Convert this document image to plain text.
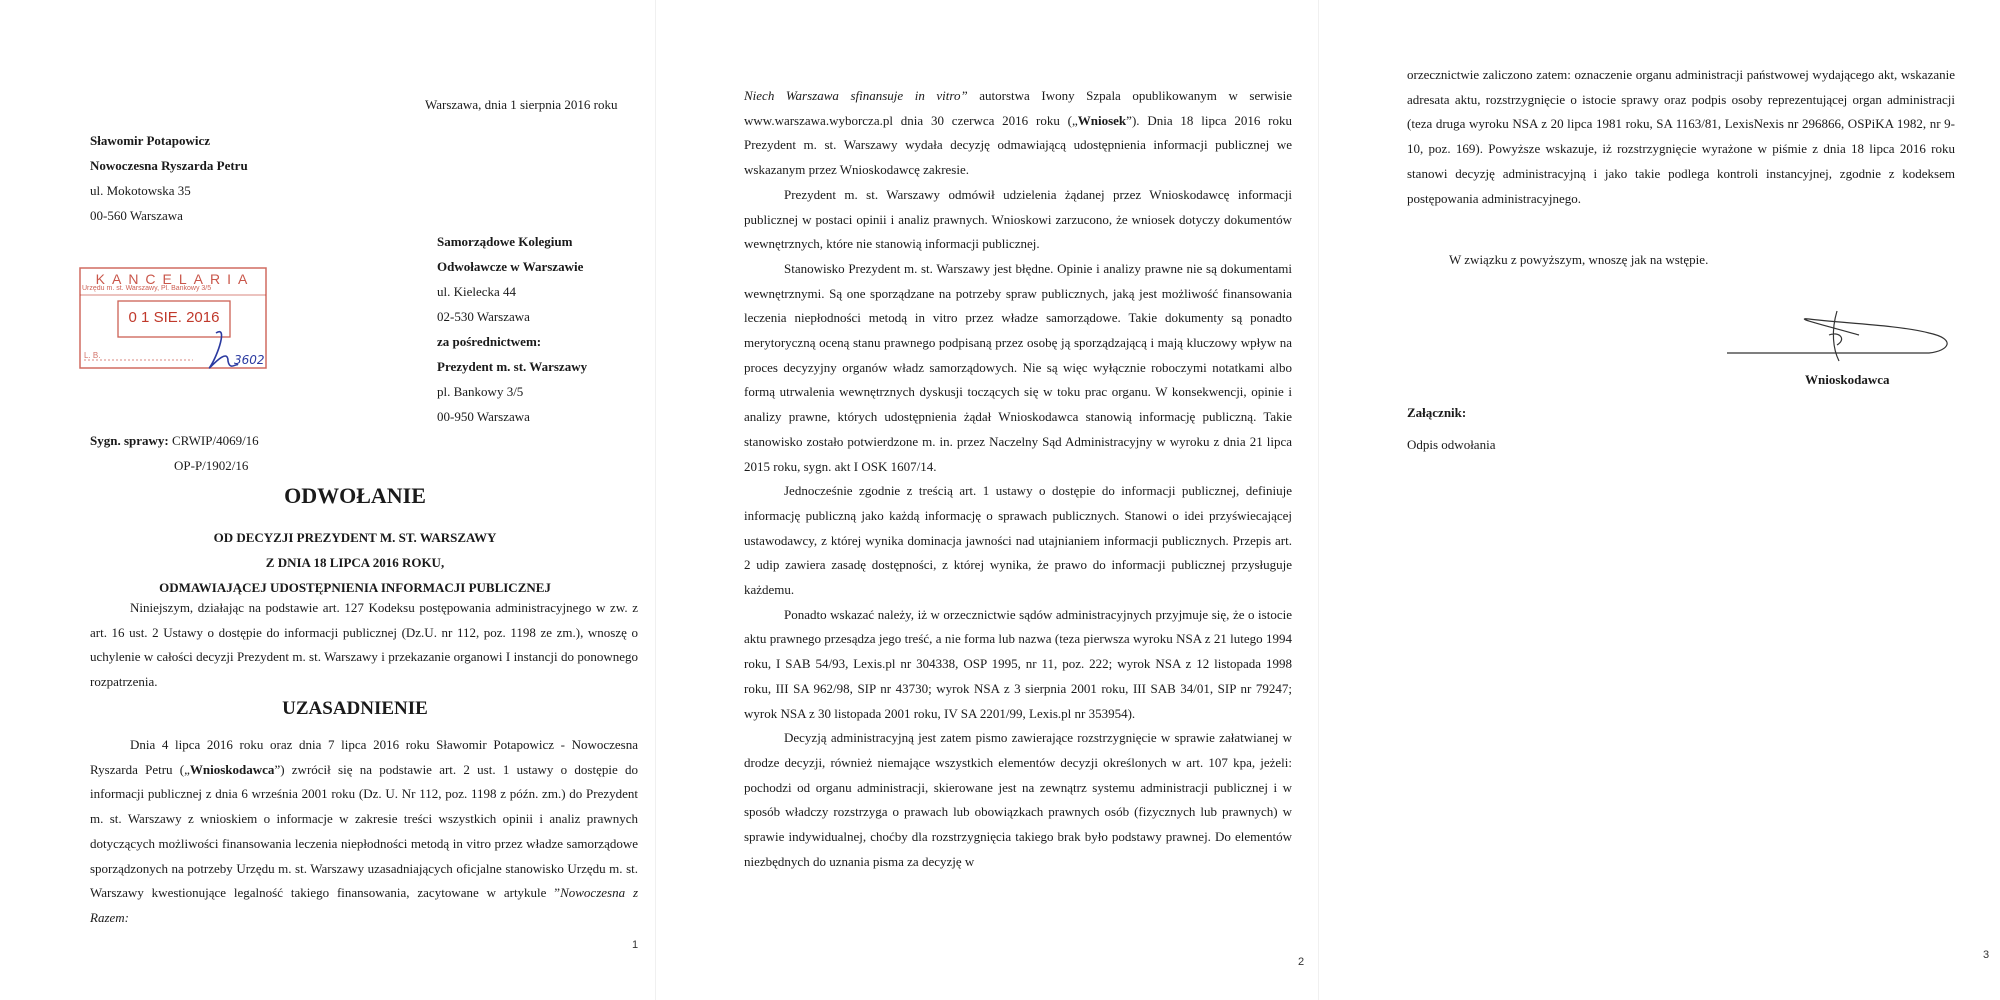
Warszawa, dnia 1 sierpnia 2016 roku
Sławomir Potapowicz
Nowoczesna Ryszarda Petru
ul. Mokotowska 35
00-560 Warszawa
Samorządowe Kolegium
Odwoławcze w Warszawie
ul. Kielecka 44
02-530 Warszawa
za pośrednictwem:
Prezydent m. st. Warszawy
pl. Bankowy 3/5
00-950 Warszawa
KANCELARIA
Urzędu m. st. Warszawy, Pl. Bankowy 3/5
0 1 SIE. 2016
L. B.	3602
Sygn. sprawy: CRWIP/4069/16
OP-P/1902/16
ODWOŁANIE
OD DECYZJI PREZYDENT M. ST. WARSZAWY
Z DNIA 18 LIPCA 2016 ROKU,
ODMAWIAJĄCEJ UDOSTĘPNIENIA INFORMACJI PUBLICZNEJ

Niniejszym, działając na podstawie art. 127 Kodeksu postępowania administracyjnego w zw. z art. 16 ust. 2 Ustawy o dostępie do informacji publicznej (Dz.U. nr 112, poz. 1198 ze zm.), wnoszę o uchylenie w całości decyzji Prezydent m. st. Warszawy i przekazanie organowi I instancji do ponownego rozpatrzenia.

UZASADNIENIE

Dnia 4 lipca 2016 roku oraz dnia 7 lipca 2016 roku Sławomir Potapowicz - Nowoczesna Ryszarda Petru („Wnioskodawca”) zwrócił się na podstawie art. 2 ust. 1 ustawy o dostępie do informacji publicznej z dnia 6 września 2001 roku (Dz. U. Nr 112, poz. 1198 z późn. zm.) do Prezydent m. st. Warszawy z wnioskiem o informacje w zakresie treści wszystkich opinii i analiz prawnych dotyczących możliwości finansowania leczenia niepłodności metodą in vitro przez władze samorządowe sporządzonych na potrzeby Urzędu m. st. Warszawy uzasadniających oficjalne stanowisko Urzędu m. st. Warszawy kwestionujące legalność takiego finansowania, zacytowane w artykule ”Nowoczesna z Razem:

1

Niech Warszawa sfinansuje in vitro” autorstwa Iwony Szpala opublikowanym w serwisie www.warszawa.wyborcza.pl dnia 30 czerwca 2016 roku („Wniosek”). Dnia 18 lipca 2016 roku Prezydent m. st. Warszawy wydała decyzję odmawiającą udostępnienia informacji publicznej we wskazanym przez Wnioskodawcę zakresie.

Prezydent m. st. Warszawy odmówił udzielenia żądanej przez Wnioskodawcę informacji publicznej w postaci opinii i analiz prawnych. Wnioskowi zarzucono, że wniosek dotyczy dokumentów wewnętrznych, które nie stanowią informacji publicznej.

Stanowisko Prezydent m. st. Warszawy jest błędne. Opinie i analizy prawne nie są dokumentami wewnętrznymi. Są one sporządzane na potrzeby spraw publicznych, jaką jest możliwość finansowania leczenia niepłodności metodą in vitro przez władze samorządowe. Takie dokumenty są ponadto merytoryczną oceną stanu prawnego podpisaną przez osobę ją sporządzającą i mają kluczowy wpływ na proces decyzyjny organów władz samorządowych. Nie są więc wyłącznie roboczymi notatkami albo formą utrwalenia wewnętrznych dyskusji toczących się w toku prac organu. W konsekwencji, opinie i analizy prawne, których udostępnienia żądał Wnioskodawca stanowią informację publiczną. Takie stanowisko zostało potwierdzone m. in. przez Naczelny Sąd Administracyjny w wyroku z dnia 21 lipca 2015 roku, sygn. akt I OSK 1607/14.

Jednocześnie zgodnie z treścią art. 1 ustawy o dostępie do informacji publicznej, definiuje informację publiczną jako każdą informację o sprawach publicznych. Stanowi o idei przyświecającej ustawodawcy, z której wynika dominacja jawności nad utajnianiem informacji publicznych. Przepis art. 2 udip zawiera zasadę dostępności, z której wynika, że prawo do informacji publicznej przysługuje każdemu.

Ponadto wskazać należy, iż w orzecznictwie sądów administracyjnych przyjmuje się, że o istocie aktu prawnego przesądza jego treść, a nie forma lub nazwa (teza pierwsza wyroku NSA z 21 lutego 1994 roku, I SAB 54/93, Lexis.pl nr 304338, OSP 1995, nr 11, poz. 222; wyrok NSA z 12 listopada 1998 roku, III SA 962/98, SIP nr 43730; wyrok NSA z 3 sierpnia 2001 roku, III SAB 34/01, SIP nr 79247; wyrok NSA z 30 listopada 2001 roku, IV SA 2201/99, Lexis.pl nr 353954).

Decyzją administracyjną jest zatem pismo zawierające rozstrzygnięcie w sprawie załatwianej w drodze decyzji, również niemające wszystkich elementów decyzji określonych w art. 107 kpa, jeżeli: pochodzi od organu administracji, skierowane jest na zewnątrz systemu administracji publicznej i w sposób władczy rozstrzyga o prawach lub obowiązkach prawnych osób (fizycznych lub prawnych) w sprawie indywidualnej, choćby dla rozstrzygnięcia takiego brak było podstawy prawnej. Do elementów niezbędnych do uznania pisma za decyzję w

2

orzecznictwie zaliczono zatem: oznaczenie organu administracji państwowej wydającego akt, wskazanie adresata aktu, rozstrzygnięcie o istocie sprawy oraz podpis osoby reprezentującej organ administracji (teza druga wyroku NSA z 20 lipca 1981 roku, SA 1163/81, LexisNexis nr 296866, OSPiKA 1982, nr 9-10, poz. 169). Powyższe wskazuje, iż rozstrzygnięcie wyrażone w piśmie z dnia 18 lipca 2016 roku stanowi decyzję administracyjną i jako takie podlega kontroli instancyjnej, zgodnie z kodeksem postępowania administracyjnego.

W związku z powyższym, wnoszę jak na wstępie.
Wnioskodawca
Załącznik:
Odpis odwołania
3
